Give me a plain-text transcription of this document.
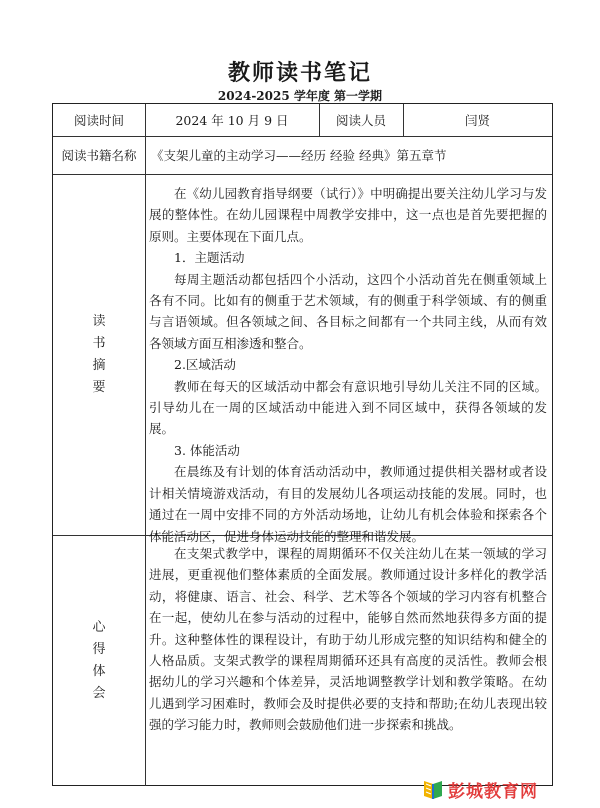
教师读书笔记
2024-2025 学年度 第一学期
阅读时间	2024 年 10 月 9 日	阅读人员	闫贤
阅读书籍名称	《支架儿童的主动学习——经历 经验 经典》第五章节
读
书
摘
要

在《幼儿园教育指导纲要（试行）》中明确提出要关注幼儿学习与发展的整体性。在幼儿园课程中周教学安排中，这一点也是首先要把握的原则。主要体现在下面几点。

1．主题活动

每周主题活动都包括四个小活动，这四个小活动首先在侧重领域上各有不同。比如有的侧重于艺术领域，有的侧重于科学领域、有的侧重与言语领域。但各领域之间、各目标之间都有一个共同主线，从而有效各领域方面互相渗透和整合。

2.区域活动

教师在每天的区域活动中都会有意识地引导幼儿关注不同的区域。引导幼儿在一周的区域活动中能进入到不同区域中，获得各领域的发展。

3. 体能活动

在晨练及有计划的体育活动活动中，教师通过提供相关器材或者设计相关情境游戏活动，有目的发展幼儿各项运动技能的发展。同时，也通过在一周中安排不同的方外活动场地，让幼儿有机会体验和探索各个体能活动区，促进身体运动技能的整理和谐发展。

心
得
体
会

在支架式教学中，课程的周期循环不仅关注幼儿在某一领域的学习进展，更重视他们整体素质的全面发展。教师通过设计多样化的教学活动，将健康、语言、社会、科学、艺术等各个领域的学习内容有机整合在一起，使幼儿在参与活动的过程中，能够自然而然地获得多方面的提升。这种整体性的课程设计，有助于幼儿形成完整的知识结构和健全的人格品质。支架式教学的课程周期循环还具有高度的灵活性。教师会根据幼儿的学习兴趣和个体差异，灵活地调整教学计划和教学策略。在幼儿遇到学习困难时，教师会及时提供必要的支持和帮助;在幼儿表现出较强的学习能力时，教师则会鼓励他们进一步探索和挑战。

彭城教育网
